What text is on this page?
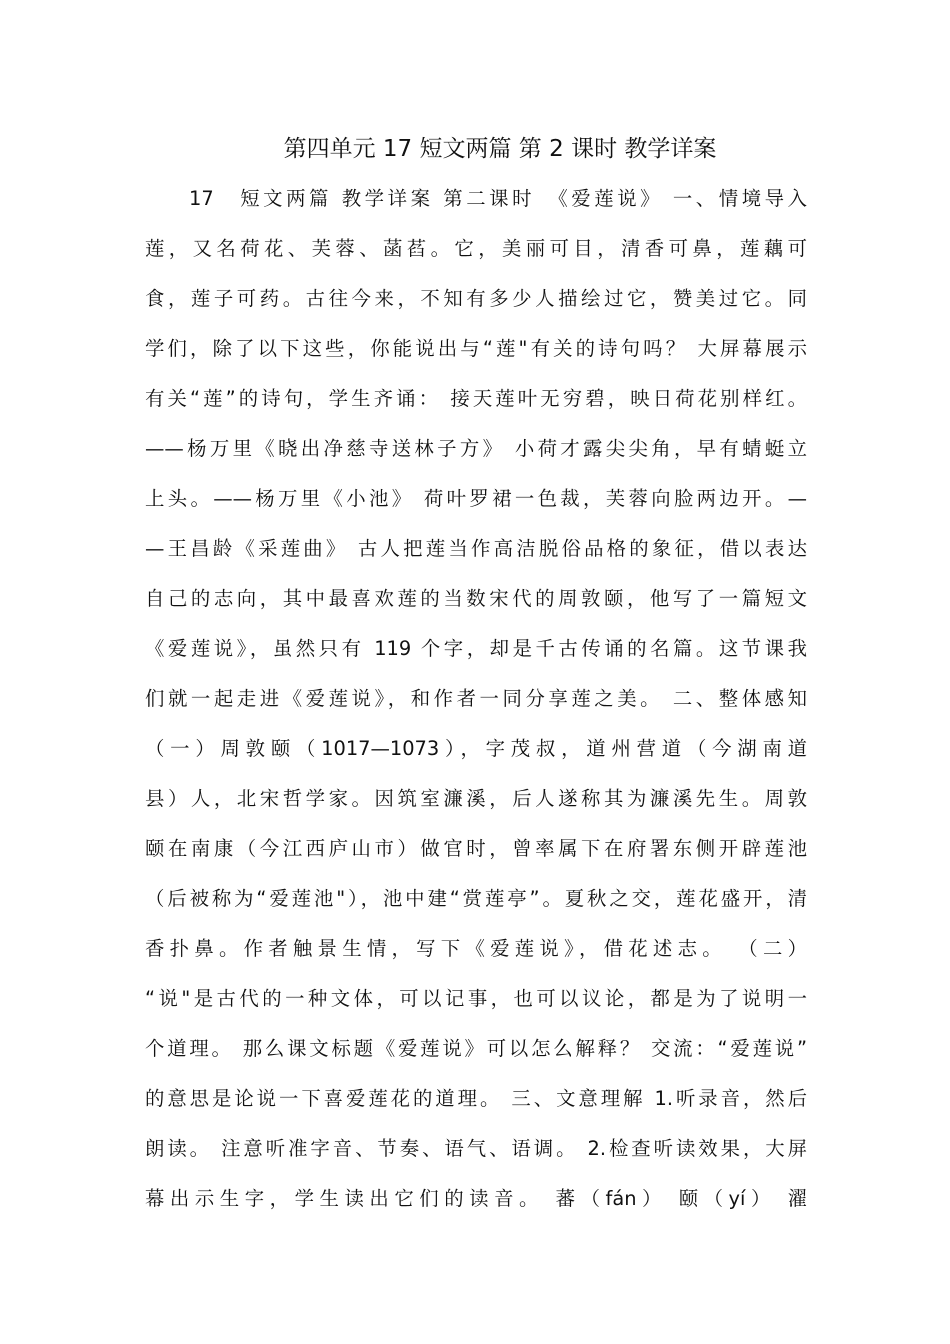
第四单元 17 短文两篇 第 2 课时 教学详案
17　短文两篇 教学详案 第二课时　《爱莲说》 一、情境导入
莲，又名荷花、芙蓉、菡萏。它，美丽可目，清香可鼻，莲藕可
食，莲子可药。古往今来，不知有多少人描绘过它，赞美过它。同
学们，除了以下这些，你能说出与“莲"有关的诗句吗？ 大屏幕展示
有关“莲”的诗句，学生齐诵： 接天莲叶无穷碧，映日荷花别样红。
——杨万里《晓出净慈寺送林子方》 小荷才露尖尖角，早有蜻蜓立
上头。——杨万里《小池》 荷叶罗裙一色裁，芙蓉向脸两边开。—
—王昌龄《采莲曲》 古人把莲当作高洁脱俗品格的象征，借以表达
自己的志向，其中最喜欢莲的当数宋代的周敦颐，他写了一篇短文
《爱莲说》，虽然只有 119 个字，却是千古传诵的名篇。这节课我
们就一起走进《爱莲说》，和作者一同分享莲之美。 二、整体感知
（一）周敦颐（1017—1073），字茂叔，道州营道（今湖南道
县）人，北宋哲学家。因筑室濂溪，后人遂称其为濂溪先生。周敦
颐在南康（今江西庐山市）做官时，曾率属下在府署东侧开辟莲池
（后被称为“爱莲池"），池中建“赏莲亭”。夏秋之交，莲花盛开，清
香扑鼻。作者触景生情，写下《爱莲说》，借花述志。 （二）
“说"是古代的一种文体，可以记事，也可以议论，都是为了说明一
个道理。 那么课文标题《爱莲说》可以怎么解释？ 交流：“爱莲说”
的意思是论说一下喜爱莲花的道理。 三、文意理解 1.听录音，然后
朗读。 注意听准字音、节奏、语气、语调。 2.检查听读效果，大屏
幕出示生字，学生读出它们的读音。 蕃（fán） 颐（yí） 濯
